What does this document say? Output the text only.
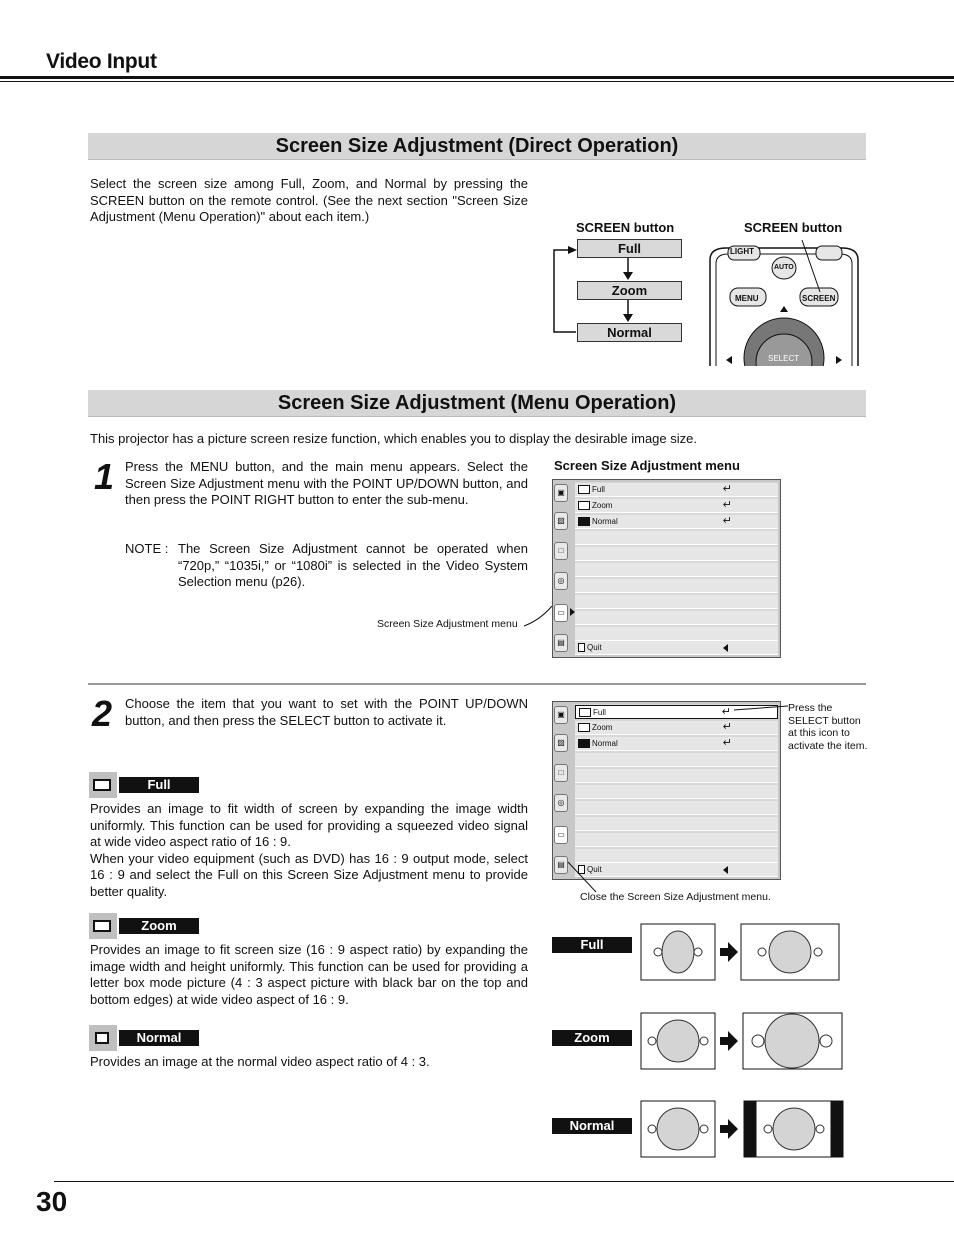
Video Input
Screen Size Adjustment (Direct Operation)
Select the screen size among Full, Zoom, and Normal by pressing the SCREEN button on the remote control. (See the next section "Screen Size Adjustment (Menu Operation)" about each item.)
SCREEN button
Full
Zoom
Normal
SCREEN button
LIGHT
AUTO
MENU	SCREEN
SELECT
Screen Size Adjustment (Menu Operation)
This projector has a picture screen resize function, which enables you to display the desirable image size.
1 Press the MENU button, and the main menu appears. Select the Screen Size Adjustment menu with the POINT UP/DOWN button, and then press the POINT RIGHT button to enter the sub-menu.
NOTE : The Screen Size Adjustment cannot be operated when “720p,” “1035i,” or “1080i” is selected in the Video System Selection menu (p26).
Screen Size Adjustment menu
Screen Size Adjustment menu
▣
▨
□
◎
▭
▤
Full	↵
Zoom	↵
Normal	↵
Quit
2 Choose the item that you want to set with the POINT UP/DOWN button, and then press the SELECT button to activate it.	▣
▨
□
◎
▭
▤
Full	↵
Zoom	↵
Normal	↵
Quit
Press the SELECT button at this icon to activate the item.
Close the Screen Size Adjustment menu.
Full
Provides an image to fit width of screen by expanding the image width uniformly. This function can be used for providing a squeezed video signal at wide video aspect ratio of 16 : 9.
When your video equipment (such as DVD) has 16 : 9 output mode, select 16 : 9 and select the Full on this Screen Size Adjustment menu to provide better quality.
Zoom
Provides an image to fit screen size (16 : 9 aspect ratio) by expanding the image width and height uniformly. This function can be used for providing a letter box mode picture (4 : 3 aspect picture with black bar on the top and bottom edges) at wide video aspect of 16 : 9.
Normal
Provides an image at the normal video aspect ratio of 4 : 3.
Full
Zoom
Normal
30
